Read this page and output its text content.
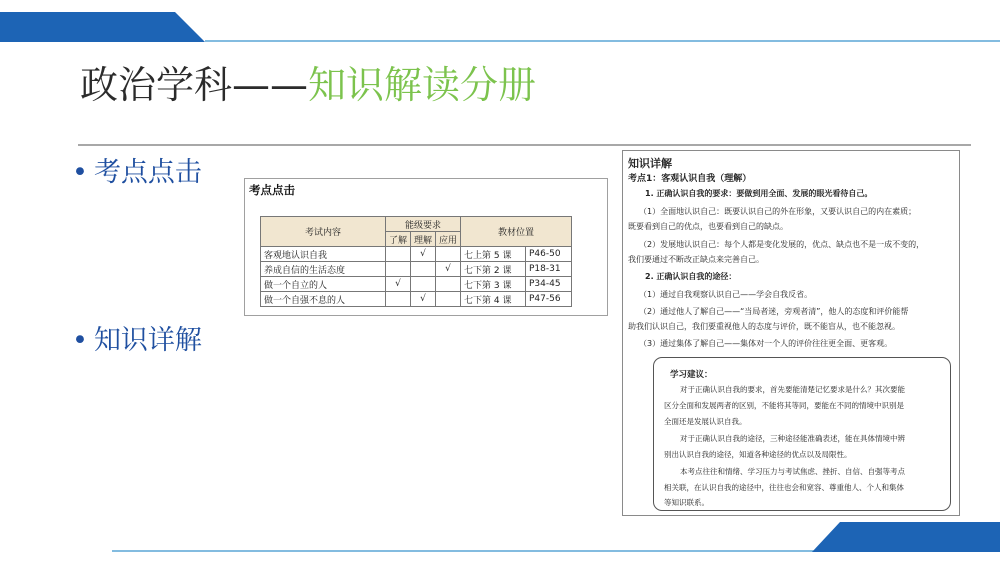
政治学科——知识解读分册
• 考点点击
• 知识详解
考点点击
考试内容	能级要求			教材位置	
	了解	理解	应用		
客观地认识自我		√		七上第 5 课	P46-50
养成自信的生活态度			√	七下第 2 课	P18-31
做一个自立的人	√			七下第 3 课	P34-45
做一个自强不息的人		√		七下第 4 课	P47-56
知识详解
考点1：客观认识自我（理解）
1. 正确认识自我的要求：要做到用全面、发展的眼光看待自己。
（1）全面地认识自己：既要认识自己的外在形象，又要认识自己的内在素质；
既要看到自己的优点，也要看到自己的缺点。
（2）发展地认识自己：每个人都是变化发展的，优点、缺点也不是一成不变的，
我们要通过不断改正缺点来完善自己。
2. 正确认识自我的途径：
（1）通过自我观察认识自己——学会自我反省。
（2）通过他人了解自己——“当局者迷，旁观者清”，他人的态度和评价能帮
助我们认识自己，我们要重视他人的态度与评价，既不能盲从，也不能忽视。
（3）通过集体了解自己——集体对一个人的评价往往更全面、更客观。
学习建议：
对于正确认识自我的要求，首先要能清楚记忆要求是什么？其次要能
区分全面和发展两者的区别，不能将其等同，要能在不同的情境中识别是
全面还是发展认识自我。
对于正确认识自我的途径，三种途径能准确表述，能在具体情境中辨
别出认识自我的途径，知道各种途径的优点以及局限性。
本考点往往和情绪、学习压力与考试焦虑、挫折、自信、自强等考点
相关联，在认识自我的途径中，往往也会和宽容、尊重他人、个人和集体
等知识联系。
